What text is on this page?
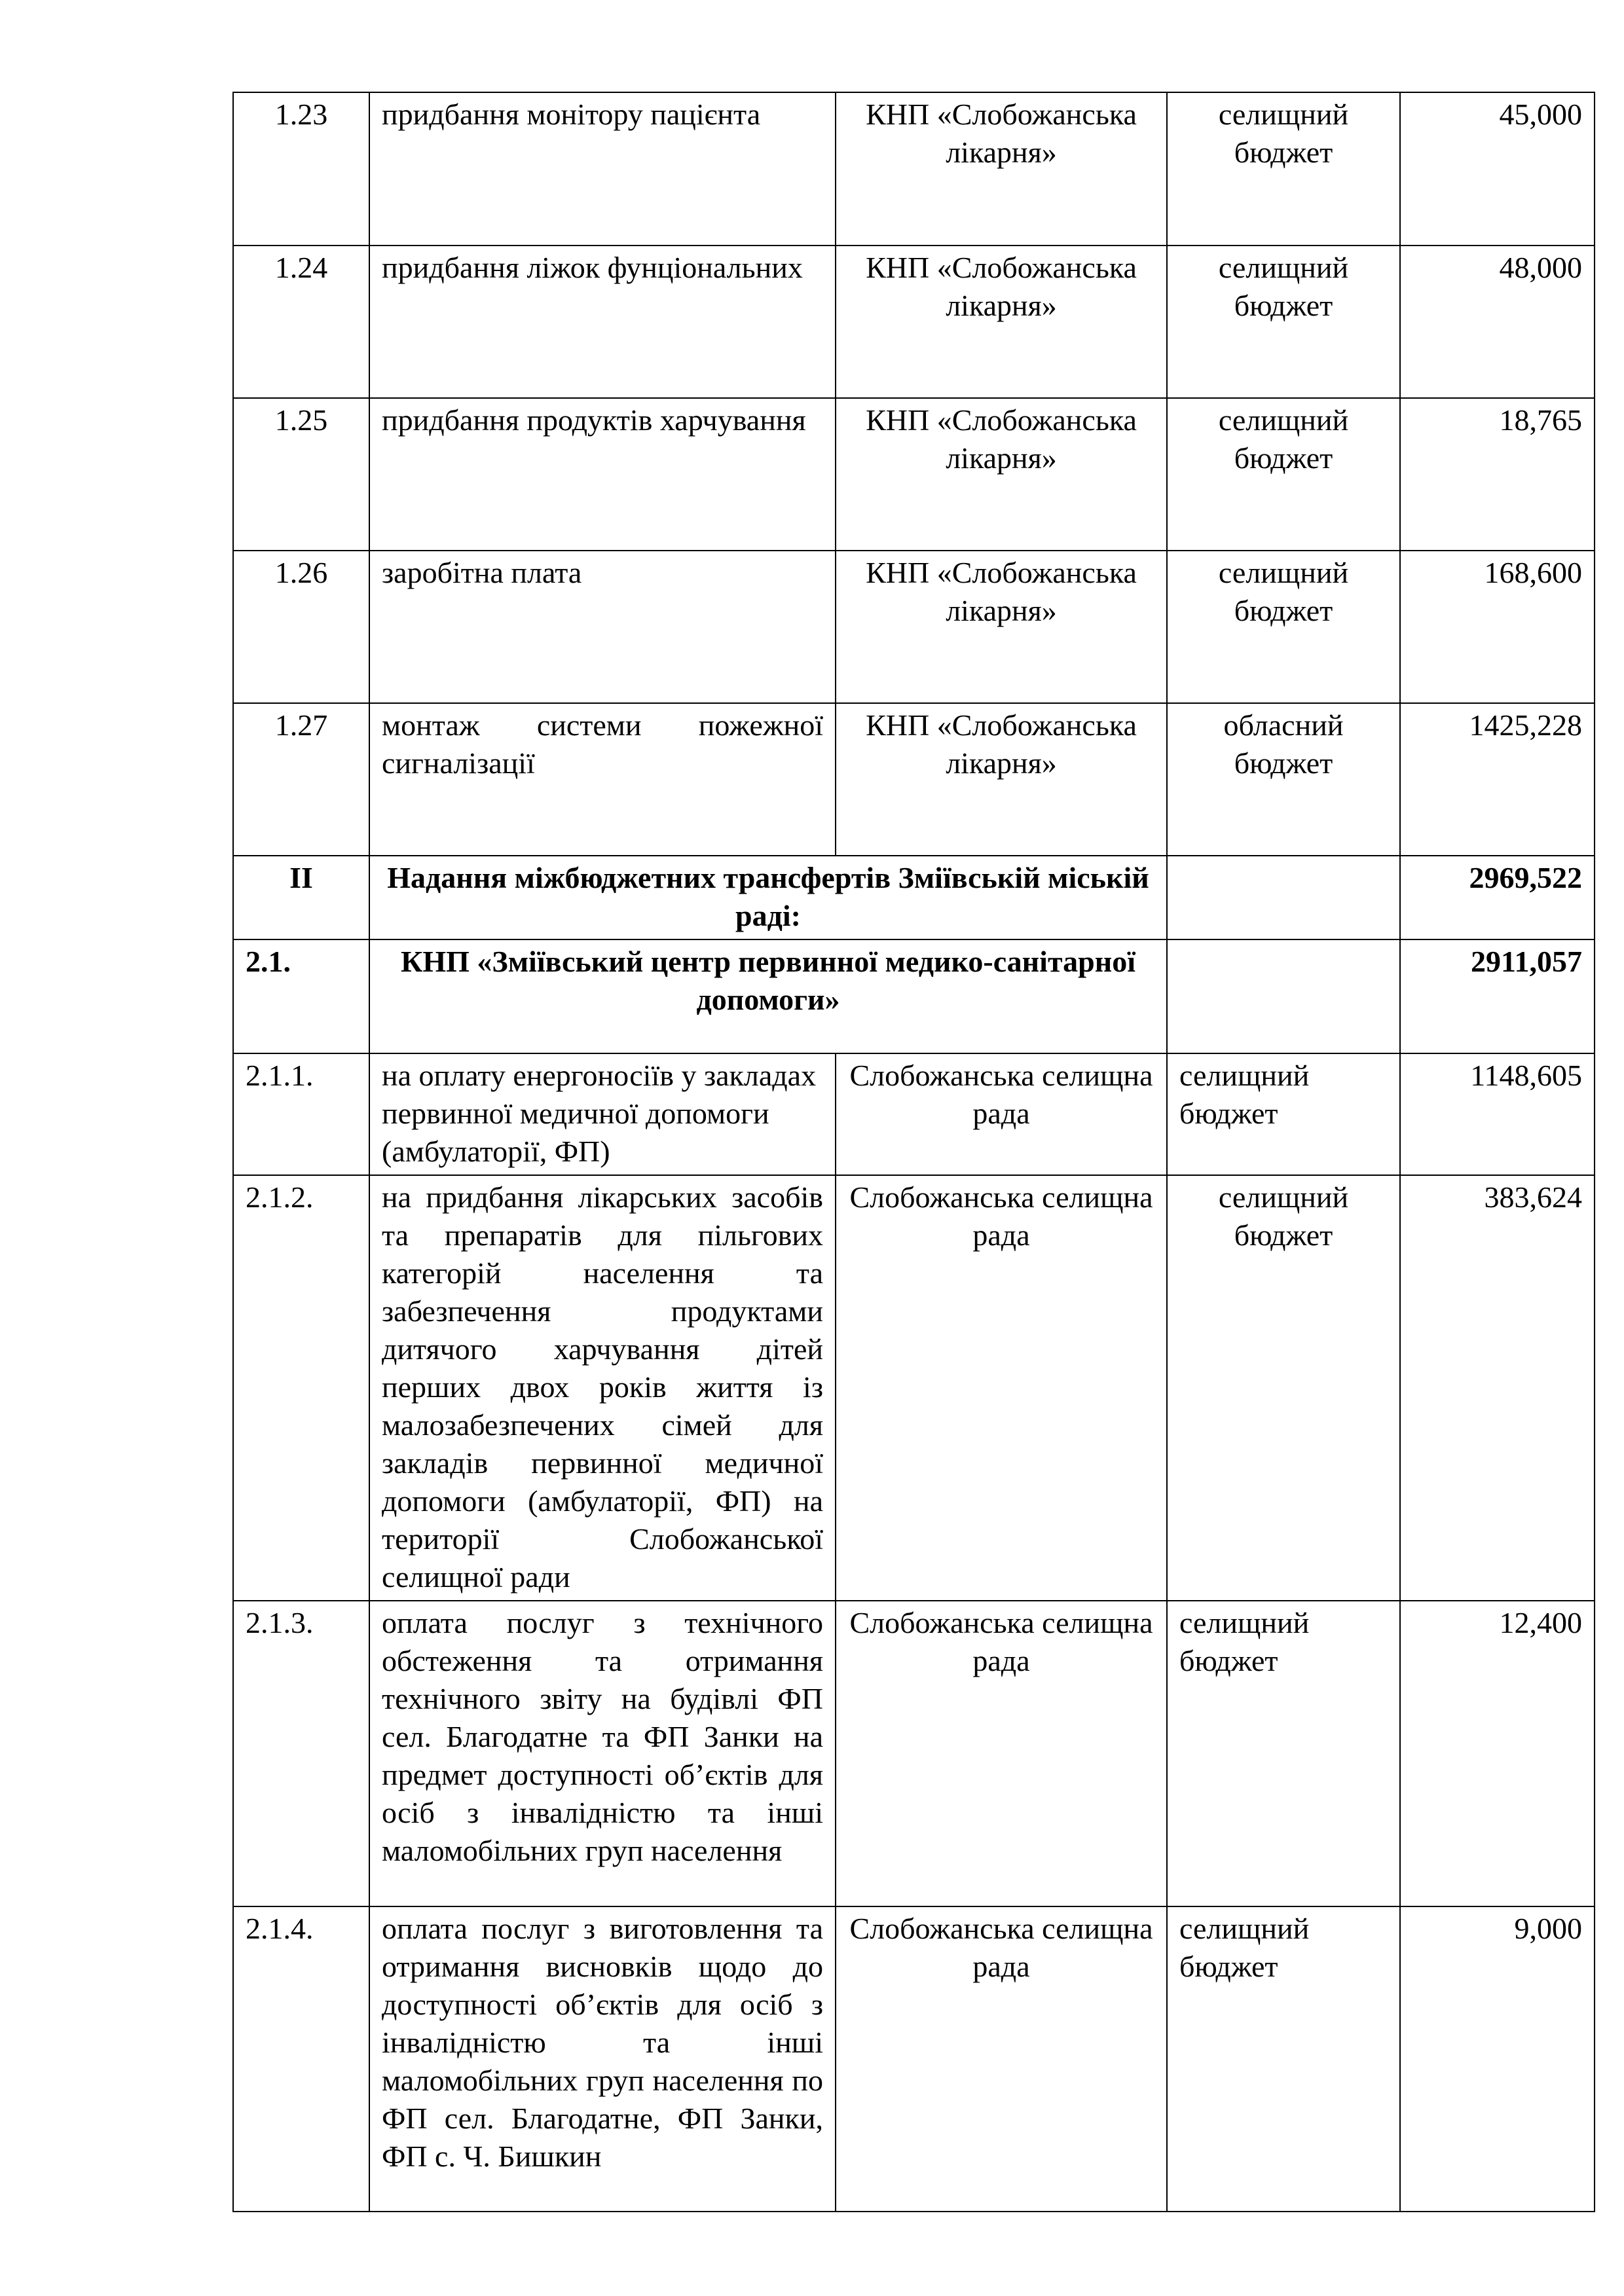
1.23	придбання монітору пацієнта	КНП «Слобожанська лікарня»	селищний бюджет	45,000
1.24	придбання ліжок фунціональних	КНП «Слобожанська лікарня»	селищний бюджет	48,000
1.25	придбання продуктів харчування	КНП «Слобожанська лікарня»	селищний бюджет	18,765
1.26	заробітна плата	КНП «Слобожанська лікарня»	селищний бюджет	168,600
1.27	монтаж системи пожежної сигналізації	КНП «Слобожанська лікарня»	обласний бюджет	1425,228
II	Надання міжбюджетних трансфертів Зміївській міській раді:			2969,522
2.1.	КНП «Зміївський центр первинної медико-санітарної допомоги»			2911,057
2.1.1.	на оплату енергоносіїв у закладах первинної медичної допомоги (амбулаторії, ФП)	Слобожанська селищна рада	селищний бюджет	1148,605
2.1.2.	на придбання лікарських засобів та препаратів для пільгових категорій населення та забезпечення продуктами дитячого харчування дітей перших двох років життя із малозабезпечених сімей для закладів первинної медичної допомоги (амбулаторії, ФП) на території Слобожанської селищної ради	Слобожанська селищна рада	селищний бюджет	383,624
2.1.3.	оплата послуг з технічного обстеження та отримання технічного звіту на будівлі ФП сел. Благодатне та ФП Занки на предмет доступності об’єктів для осіб з інвалідністю та інші маломобільних груп населення	Слобожанська селищна рада	селищний бюджет	12,400
2.1.4.	оплата послуг з виготовлення та отримання висновків щодо до доступності об’єктів для осіб з інвалідністю та інші маломобільних груп населення по ФП сел. Благодатне, ФП Занки, ФП с. Ч. Бишкин	Слобожанська селищна рада	селищний бюджет	9,000
